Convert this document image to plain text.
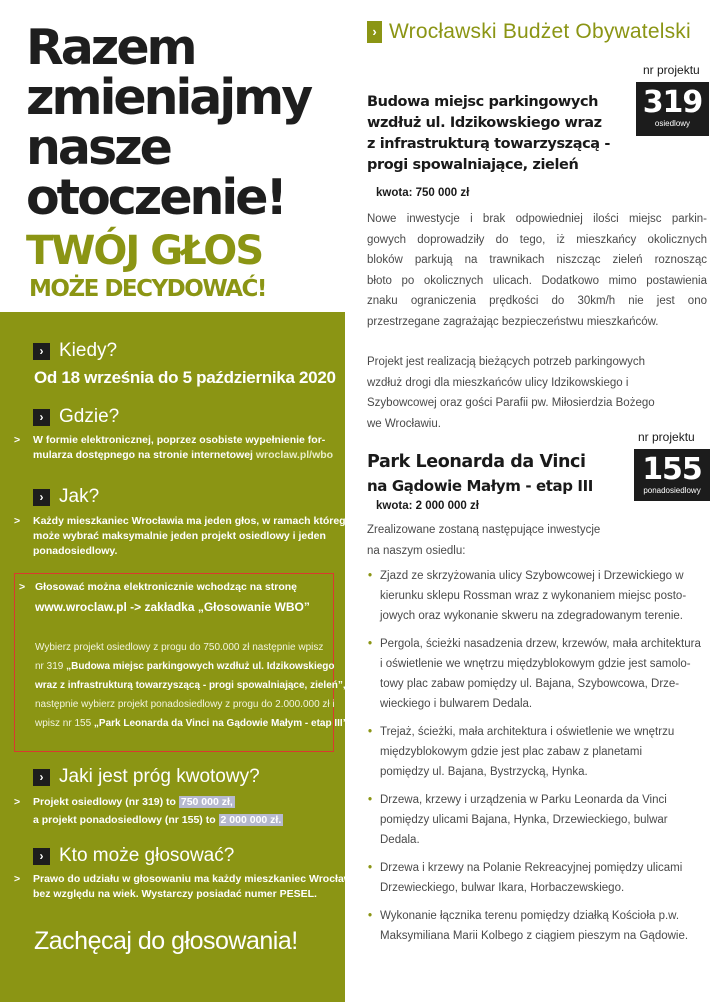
Razem
zmieniajmy
nasze
otoczenie!
TWÓJ GŁOS
MOŻE DECYDOWAĆ!
› Kiedy?
Od 18 września do 5 października 2020
› Gdzie?
>	W formie elektronicznej, poprzez osobiste wypełnienie for-
mularza dostępnego na stronie internetowej wroclaw.pl/wbo
› Jak?
>	Każdy mieszkaniec Wrocławia ma jeden głos, w ramach którego
może wybrać maksymalnie jeden projekt osiedlowy i jeden
ponadosiedlowy.
> Głosować można elektronicznie wchodząc na stronę
www.wroclaw.pl -> zakładka „Głosowanie WBO”
Wybierz projekt osiedlowy z progu do 750.000 zł następnie wpisz
nr 319 „Budowa miejsc parkingowych wzdłuż ul. Idzikowskiego
wraz z infrastrukturą towarzyszącą - progi spowalniające, zieleń”,
następnie wybierz projekt ponadosiedlowy z progu do 2.000.000 zł i
wpisz nr 155 „Park Leonarda da Vinci na Gądowie Małym - etap III”
› Jaki jest próg kwotowy?
>	Projekt osiedlowy (nr 319) to 750 000 zł,
a projekt ponadosiedlowy (nr 155) to 2 000 000 zł.
› Kto może głosować?
>	Prawo do udziału w głosowaniu ma każdy mieszkaniec Wrocławia,
bez względu na wiek. Wystarczy posiadać numer PESEL.
Zachęcaj do głosowania!
› Wrocławski Budżet Obywatelski
nr projektu
319
osiedlowy
Budowa miejsc parkingowych
wzdłuż ul. Idzikowskiego wraz
z infrastrukturą towarzyszącą -
progi spowalniające, zieleń
kwota: 750 000 zł
Nowe inwestycje i brak odpowiedniej ilości miejsc parkin-
gowych doprowadziły do tego, iż mieszkańcy okolicznych
bloków parkują na trawnikach niszcząc zieleń roznosząc
błoto po okolicznych ulicach. Dodatkowo mimo postawienia
znaku ograniczenia prędkości do 30km/h nie jest ono
przestrzegane zagrażając bezpieczeństwu mieszkańców.
Projekt jest realizacją bieżących potrzeb parkingowych
wzdłuż drogi dla mieszkańców ulicy Idzikowskiego i
Szybowcowej oraz gości Parafii pw. Miłosierdzia Bożego
we Wrocławiu.
nr projektu
155
ponadosiedlowy
Park Leonarda da Vinci
na Gądowie Małym - etap III
kwota: 2 000 000 zł
Zrealizowane zostaną następujące inwestycje
na naszym osiedlu:
• Zjazd ze skrzyżowania ulicy Szybowcowej i Drzewickiego w
kierunku sklepu Rossman wraz z wykonaniem miejsc posto-
jowych oraz wykonanie skweru na zdegradowanym terenie.
• Pergola, ścieżki nasadzenia drzew, krzewów, mała architektura
i oświetlenie we wnętrzu międzyblokowym gdzie jest samolo-
towy plac zabaw pomiędzy ul. Bajana, Szybowcowa, Drze-
wieckiego i bulwarem Dedala.
• Trejaż, ścieżki, mała architektura i oświetlenie we wnętrzu
międzyblokowym gdzie jest plac zabaw z planetami
pomiędzy ul. Bajana, Bystrzycką, Hynka.
• Drzewa, krzewy i urządzenia w Parku Leonarda da Vinci
pomiędzy ulicami Bajana, Hynka, Drzewieckiego, bulwar
Dedala.
• Drzewa i krzewy na Polanie Rekreacyjnej pomiędzy ulicami
Drzewieckiego, bulwar Ikara, Horbaczewskiego.
• Wykonanie łącznika terenu pomiędzy działką Kościoła p.w.
Maksymiliana Marii Kolbego z ciągiem pieszym na Gądowie.
